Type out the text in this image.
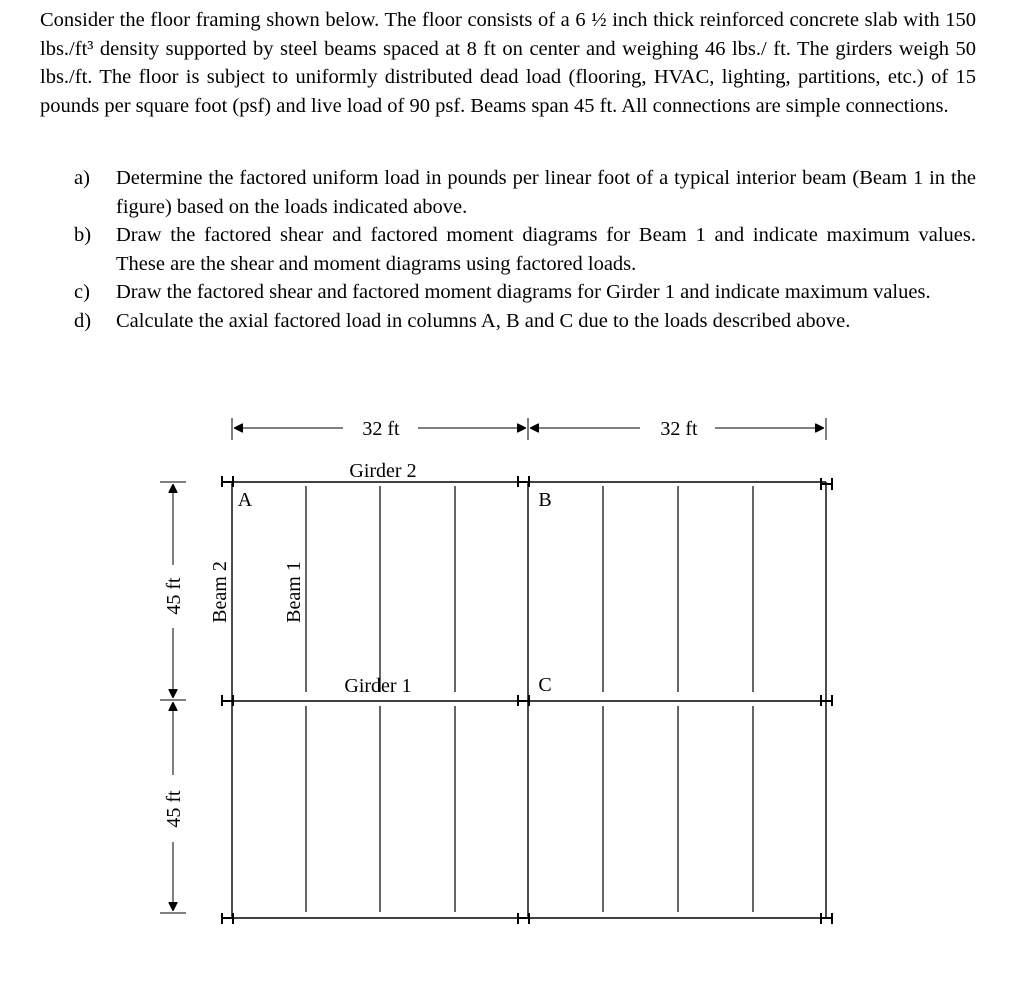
Consider the floor framing shown below. The floor consists of a 6 ½ inch thick reinforced concrete slab with 150 lbs./ft³ density supported by steel beams spaced at 8 ft on center and weighing 46 lbs./ ft. The girders weigh 50 lbs./ft. The floor is subject to uniformly distributed dead load (flooring, HVAC, lighting, partitions, etc.) of 15 pounds per square foot (psf) and live load of 90 psf. Beams span 45 ft. All connections are simple connections.

a) Determine the factored uniform load in pounds per linear foot of a typical interior beam (Beam 1 in the figure) based on the loads indicated above.
b) Draw the factored shear and factored moment diagrams for Beam 1 and indicate maximum values. These are the shear and moment diagrams using factored loads.
c) Draw the factored shear and factored moment diagrams for Girder 1 and indicate maximum values.
d) Calculate the axial factored load in columns A, B and C due to the loads described above.
32 ft	32 ft
45 ft
45 ft
Girder 2
Girder 1
Beam 2	Beam 1
A	B
C
